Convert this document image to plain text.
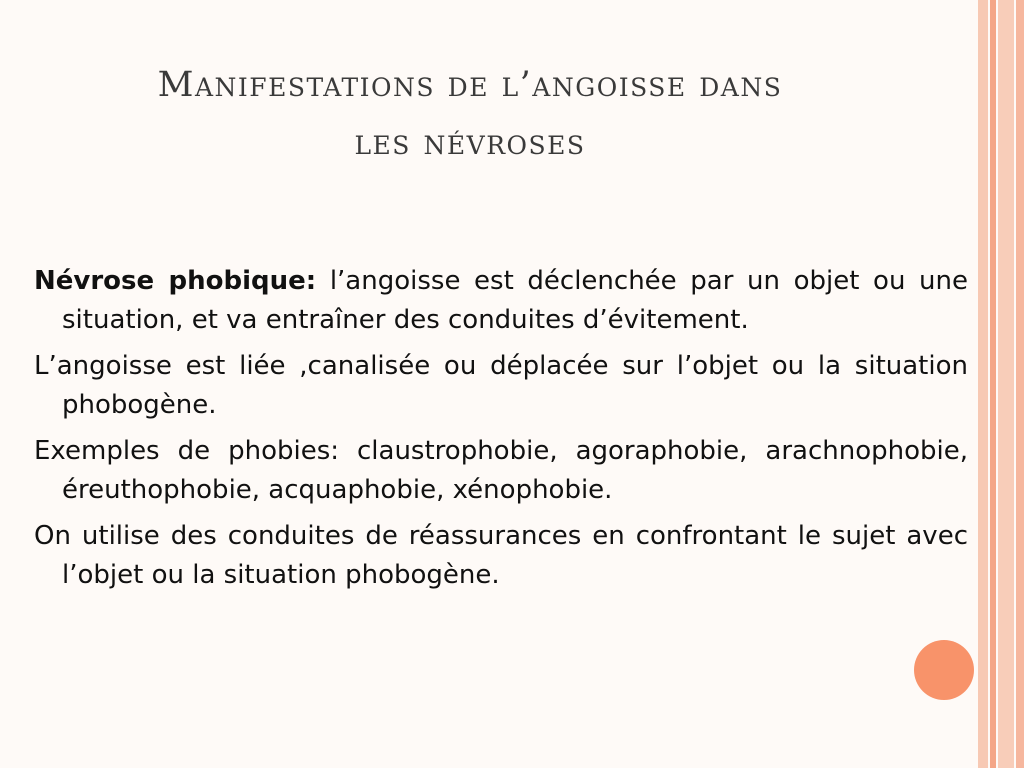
Manifestations de l’angoisse dans
les névroses

Névrose phobique: l’angoisse est déclenchée par un objet ou une situation, et va entraîner des conduites d’évitement.

L’angoisse est liée ,canalisée ou déplacée sur l’objet ou la situation phobogène.

Exemples de phobies: claustrophobie, agoraphobie, arachnophobie, éreuthophobie, acquaphobie, xénophobie.

On utilise des conduites de réassurances en confrontant le sujet avec l’objet ou la situation phobogène.
